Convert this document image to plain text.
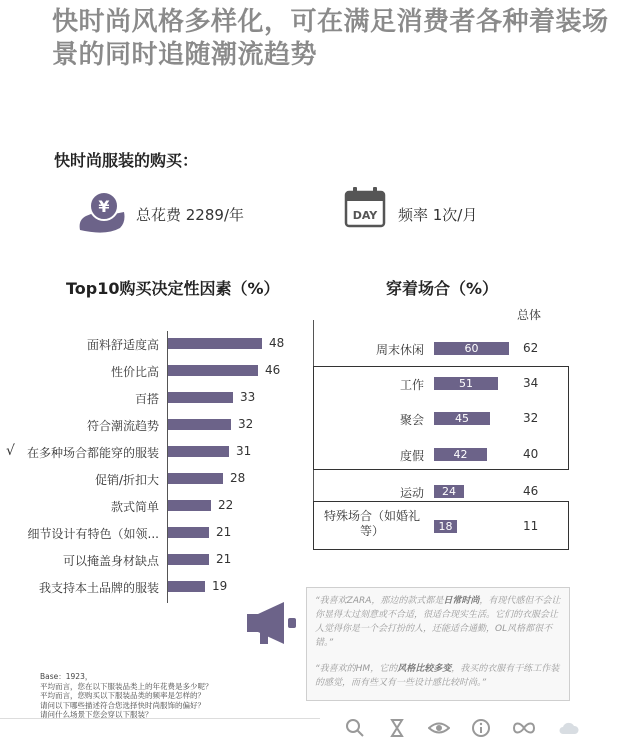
快时尚风格多样化，可在满足消费者各种着装场景的同时追随潮流趋势
快时尚服装的购买：
¥ 总花费 2289/年	DAY 频率 1次/月
Top10购买决定性因素（%）
√
面料舒适度高	48
性价比高	46
百搭	33
符合潮流趋势	32
在多种场合都能穿的服装	31
促销/折扣大	28
款式简单	22
细节设计有特色（如领...	21
可以掩盖身材缺点	21
我支持本土品牌的服装	19
穿着场合（%）
总体
周末休闲	60	62
工作	51	34
聚会	45	32
度假	42	40
运动	24	46
特殊场合（如婚礼等）	18	11
“我喜欢ZARA，那边的款式都是日常时尚，有现代感但不会让你显得太过刻意或不合适，很适合现实生活。它们的衣服会让人觉得你是一个会打扮的人，还能适合通勤，OL风格都很不错。”
“我喜欢的HM，它的风格比较多变，我买的衣服有干练工作装的感觉，而有些又有一些设计感比较时尚。”
Base：1923，
平均而言，您在以下服装品类上的年花费是多少呢？
平均而言，您购买以下服装品类的频率是怎样的？
请问以下哪些描述符合您选择快时尚服饰的偏好？
请问什么场景下您会穿以下服装？
